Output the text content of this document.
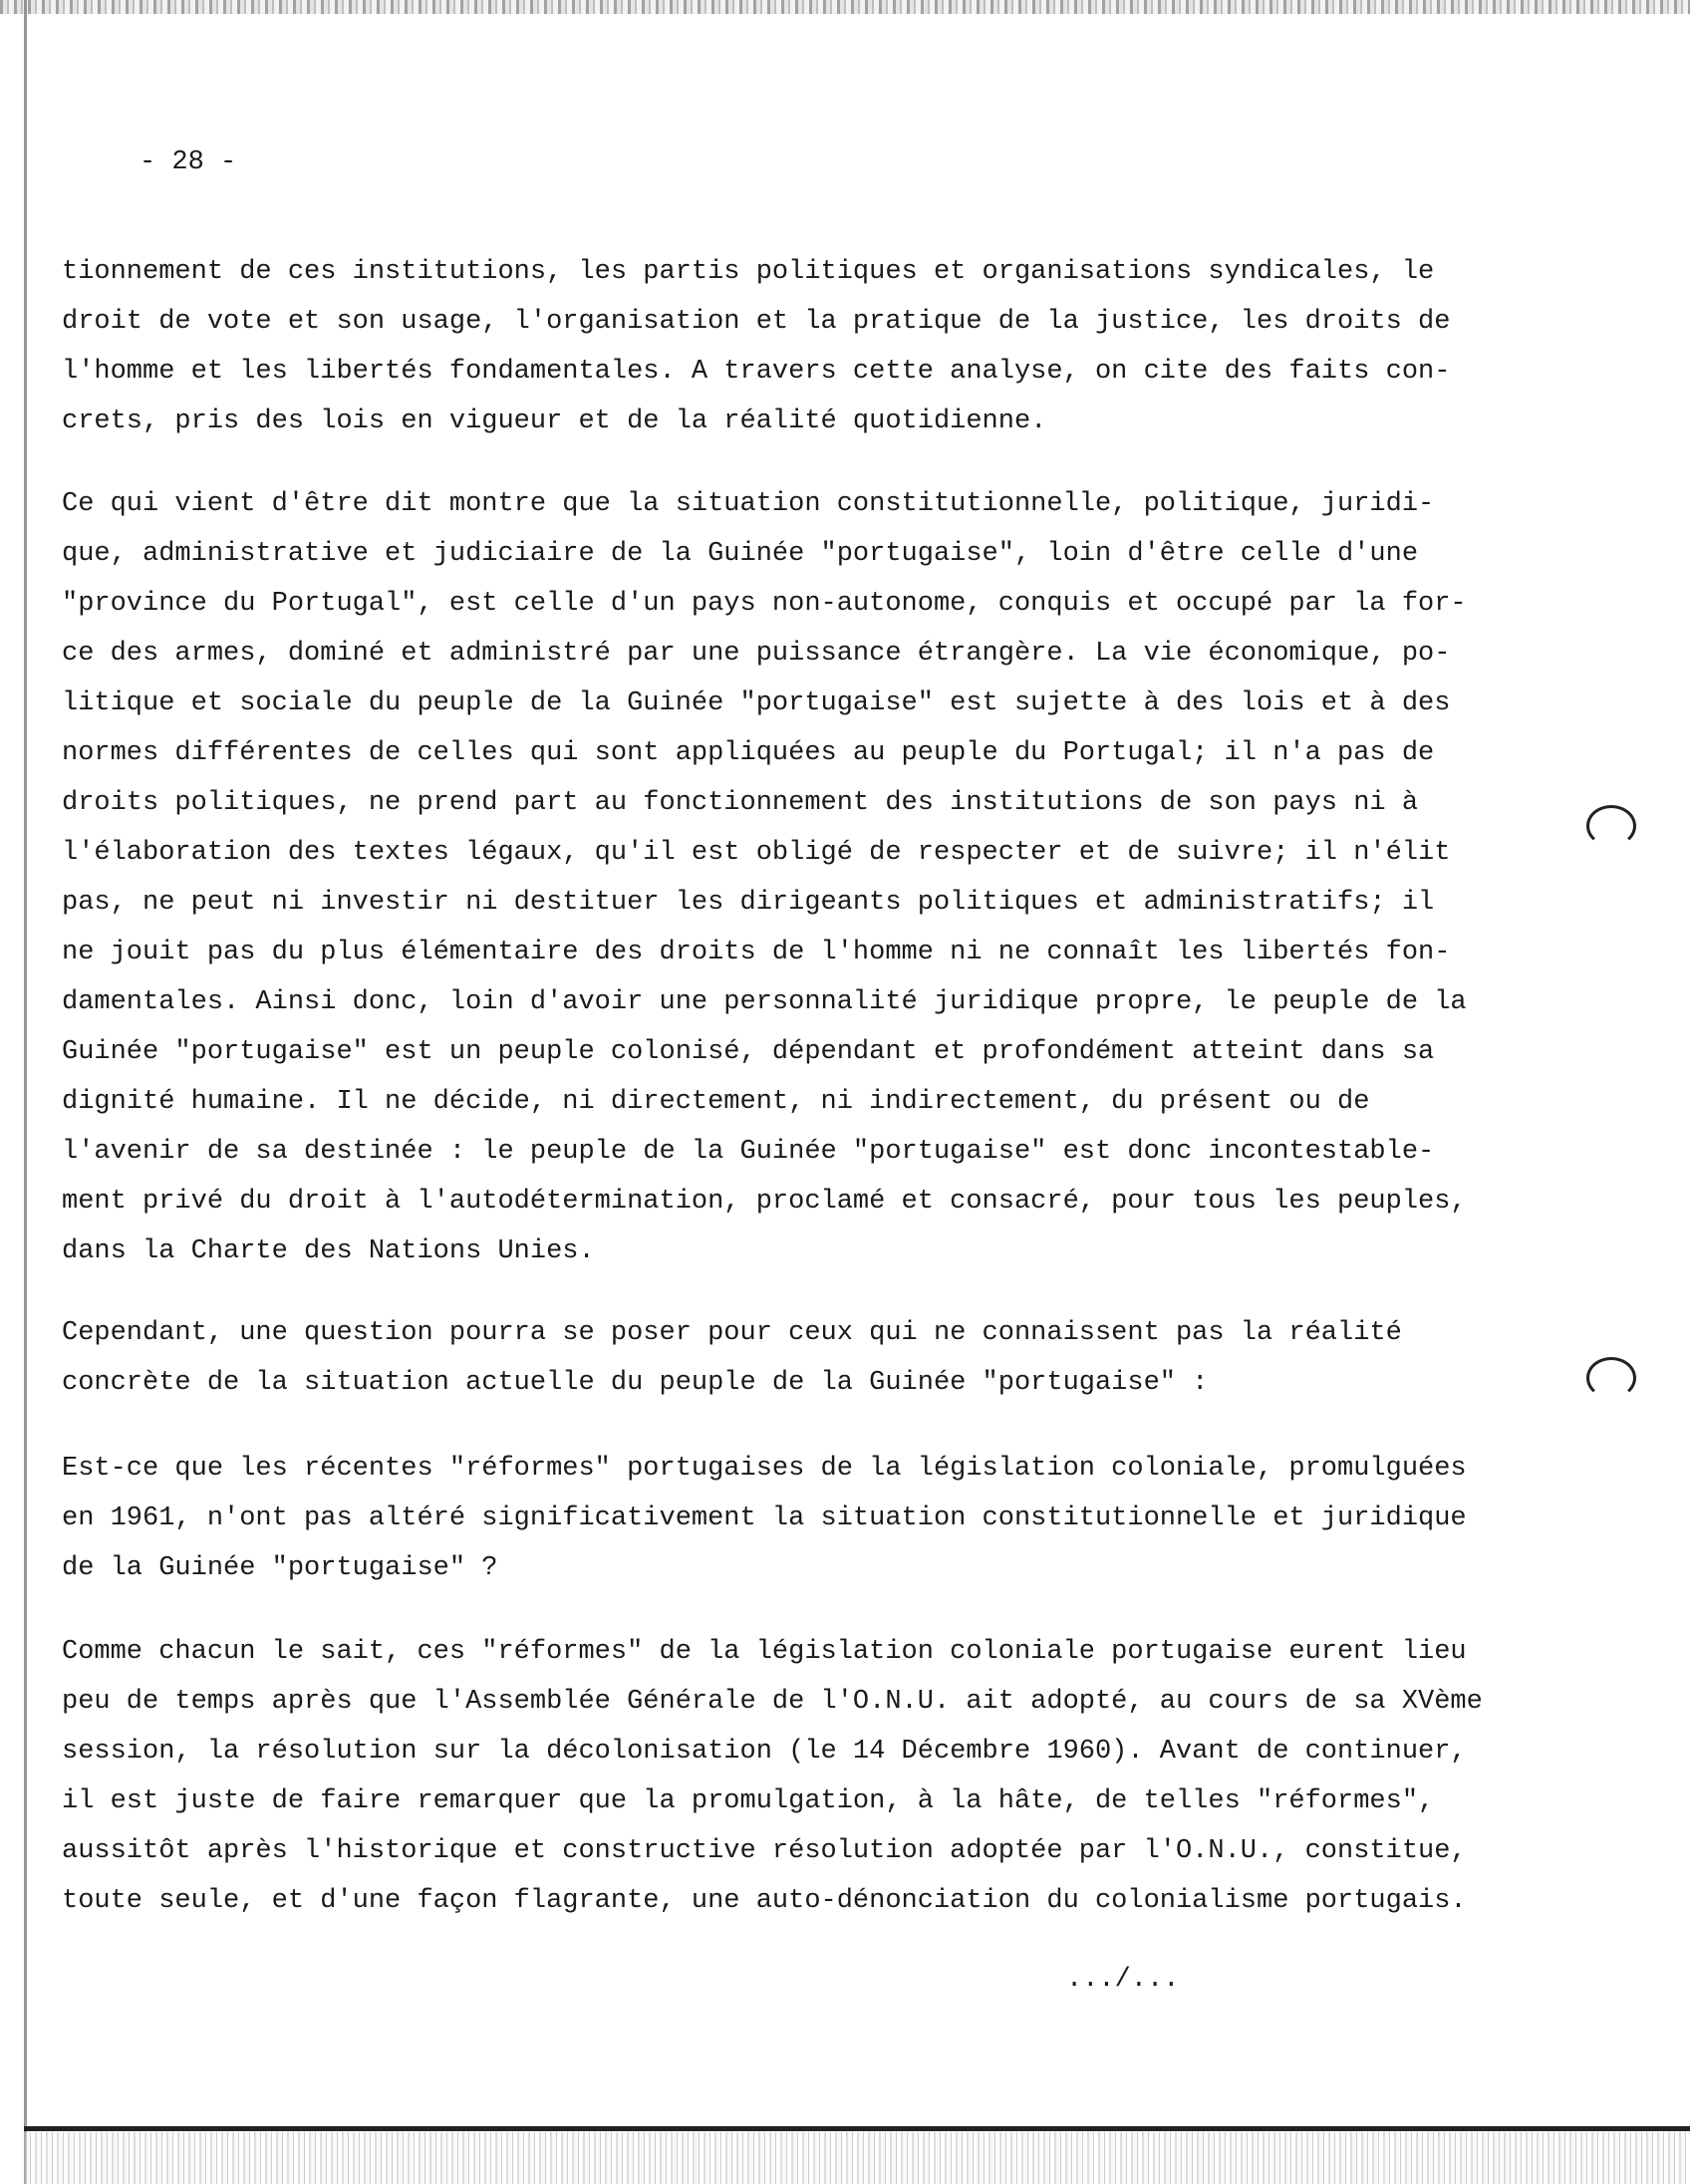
- 28 -
tionnement de ces institutions, les partis politiques et organisations syndicales, le
droit de vote et son usage, l'organisation et la pratique de la justice, les droits de
l'homme et les libertés fondamentales. A travers cette analyse, on cite des faits con-
crets, pris des lois en vigueur et de la réalité quotidienne.
Ce qui vient d'être dit montre que la situation constitutionnelle, politique, juridi-
que, administrative et judiciaire de la Guinée "portugaise", loin d'être celle d'une
"province du Portugal", est celle d'un pays non-autonome, conquis et occupé par la for-
ce des armes, dominé et administré par une puissance étrangère. La vie économique, po-
litique et sociale du peuple de la Guinée "portugaise" est sujette à des lois et à des
normes différentes de celles qui sont appliquées au peuple du Portugal; il n'a pas de
droits politiques, ne prend part au fonctionnement des institutions de son pays ni à
l'élaboration des textes légaux, qu'il est obligé de respecter et de suivre; il n'élit
pas, ne peut ni investir ni destituer les dirigeants politiques et administratifs; il
ne jouit pas du plus élémentaire des droits de l'homme ni ne connaît les libertés fon-
damentales. Ainsi donc, loin d'avoir une personnalité juridique propre, le peuple de la
Guinée "portugaise" est un peuple colonisé, dépendant et profondément atteint dans sa
dignité humaine. Il ne décide, ni directement, ni indirectement, du présent ou de
l'avenir de sa destinée : le peuple de la Guinée "portugaise" est donc incontestable-
ment privé du droit à l'autodétermination, proclamé et consacré, pour tous les peuples,
dans la Charte des Nations Unies.
Cependant, une question pourra se poser pour ceux qui ne connaissent pas la réalité
concrète de la situation actuelle du peuple de la Guinée "portugaise" :
Est-ce que les récentes "réformes" portugaises de la législation coloniale, promulguées
en 1961, n'ont pas altéré significativement la situation constitutionnelle et juridique
de la Guinée "portugaise" ?
Comme chacun le sait, ces "réformes" de la législation coloniale portugaise eurent lieu
peu de temps après que l'Assemblée Générale de l'O.N.U. ait adopté, au cours de sa XVème
session, la résolution sur la décolonisation (le 14 Décembre 1960). Avant de continuer,
il est juste de faire remarquer que la promulgation, à la hâte, de telles "réformes",
aussitôt après l'historique et constructive résolution adoptée par l'O.N.U., constitue,
toute seule, et d'une façon flagrante, une auto-dénonciation du colonialisme portugais.
.../...
